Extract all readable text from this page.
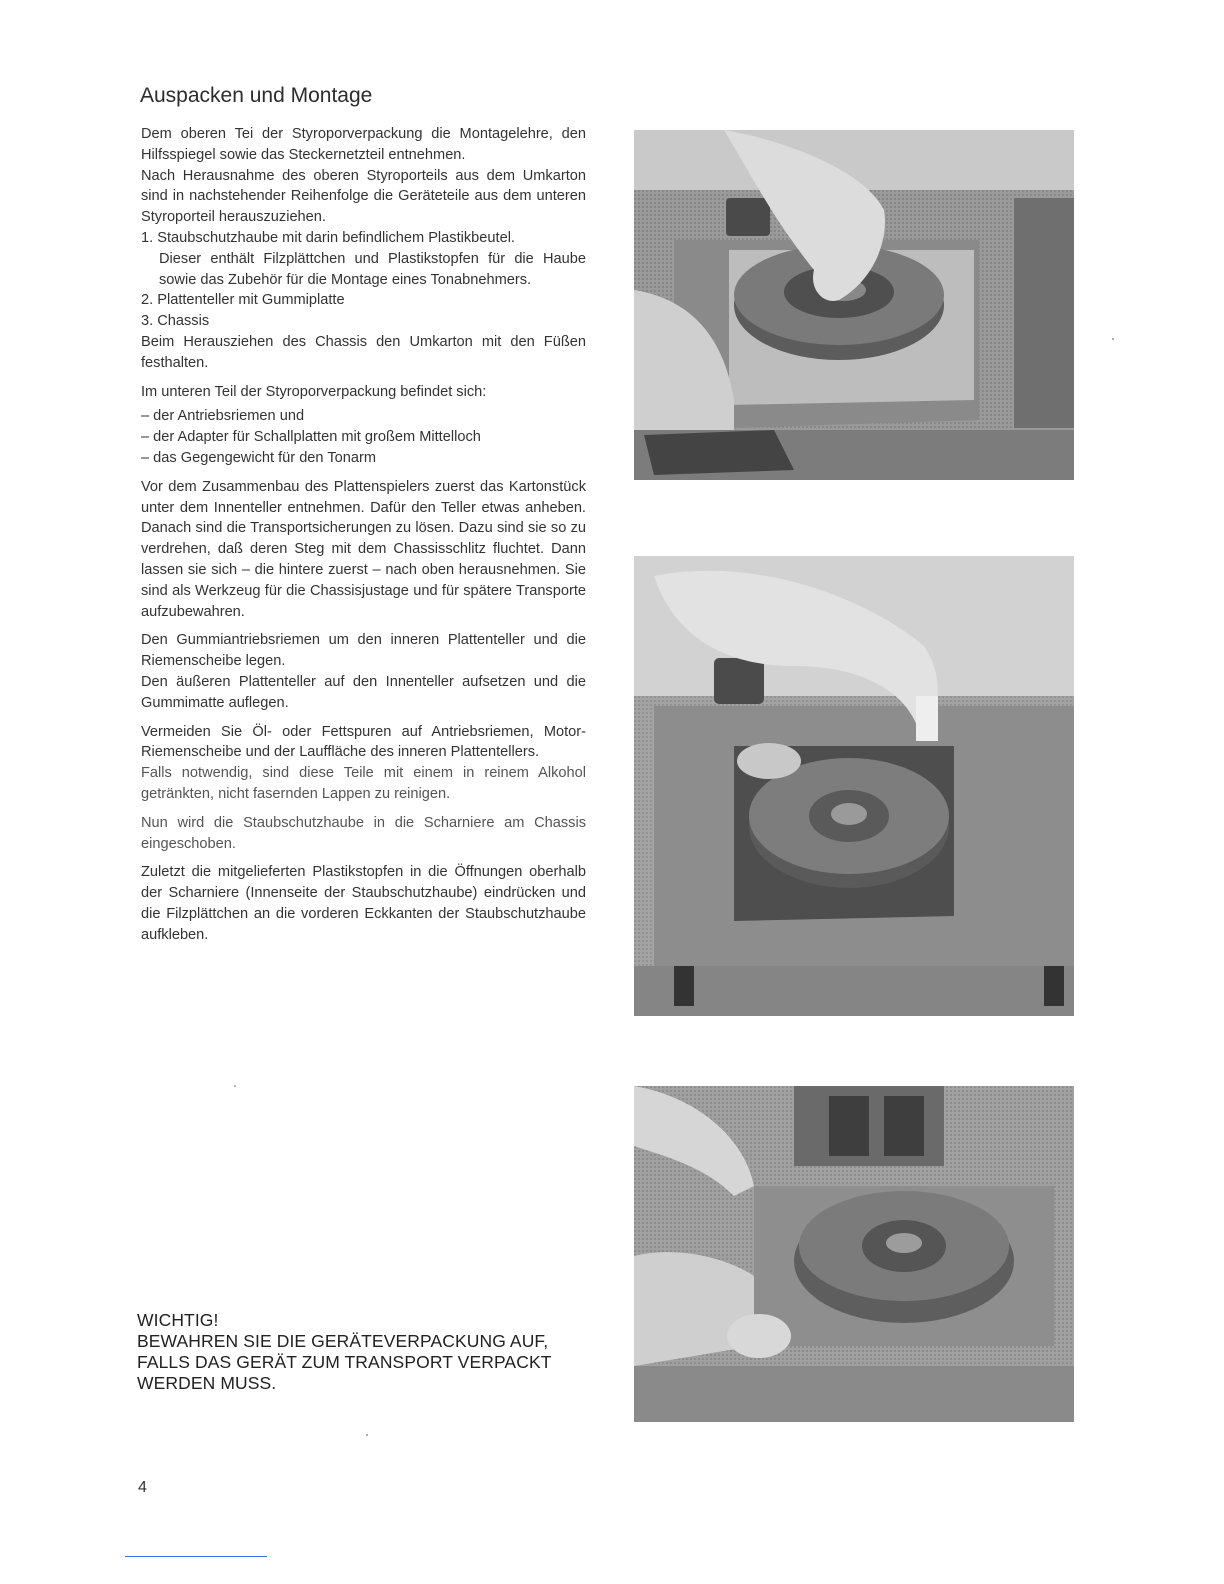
Auspacken und Montage

Dem oberen Tei der Styroporverpackung die Montagelehre, den Hilfsspiegel sowie das Steckernetzteil entnehmen.

Nach Herausnahme des oberen Styroporteils aus dem Umkarton sind in nachstehender Reihenfolge die Geräteteile aus dem unteren Styroporteil herauszuziehen.

1. Staubschutzhaube mit darin befindlichem Plastikbeutel.
Dieser enthält Filzplättchen und Plastikstopfen für die Haube sowie das Zubehör für die Montage eines Tonabnehmers.
2. Plattenteller mit Gummiplatte
3. Chassis

Beim Herausziehen des Chassis den Umkarton mit den Füßen festhalten.

Im unteren Teil der Styroporverpackung befindet sich:

– der Antriebsriemen und
– der Adapter für Schallplatten mit großem Mittelloch
– das Gegengewicht für den Tonarm

Vor dem Zusammenbau des Plattenspielers zuerst das Kartonstück unter dem Innenteller entnehmen. Dafür den Teller etwas anheben. Danach sind die Transportsicherungen zu lösen. Dazu sind sie so zu verdrehen, daß deren Steg mit dem Chassisschlitz fluchtet. Dann lassen sie sich – die hintere zuerst – nach oben herausnehmen. Sie sind als Werkzeug für die Chassisjustage und für spätere Transporte aufzubewahren.

Den Gummiantriebsriemen um den inneren Plattenteller und die Riemenscheibe legen.

Den äußeren Plattenteller auf den Innenteller aufsetzen und die Gummimatte auflegen.

Vermeiden Sie Öl- oder Fettspuren auf Antriebsriemen, Motor-Riemenscheibe und der Lauffläche des inneren Plattentellers.

Falls notwendig, sind diese Teile mit einem in reinem Alkohol getränkten, nicht fasernden Lappen zu reinigen.

Nun wird die Staubschutzhaube in die Scharniere am Chassis eingeschoben.

Zuletzt die mitgelieferten Plastikstopfen in die Öffnungen oberhalb der Scharniere (Innenseite der Staubschutzhaube) eindrücken und die Filzplättchen an die vorderen Eckkanten der Staubschutzhaube aufkleben.

WICHTIG!
BEWAHREN SIE DIE GERÄTEVERPACKUNG AUF,
FALLS DAS GERÄT ZUM TRANSPORT VERPACKT
WERDEN MUSS.
4
